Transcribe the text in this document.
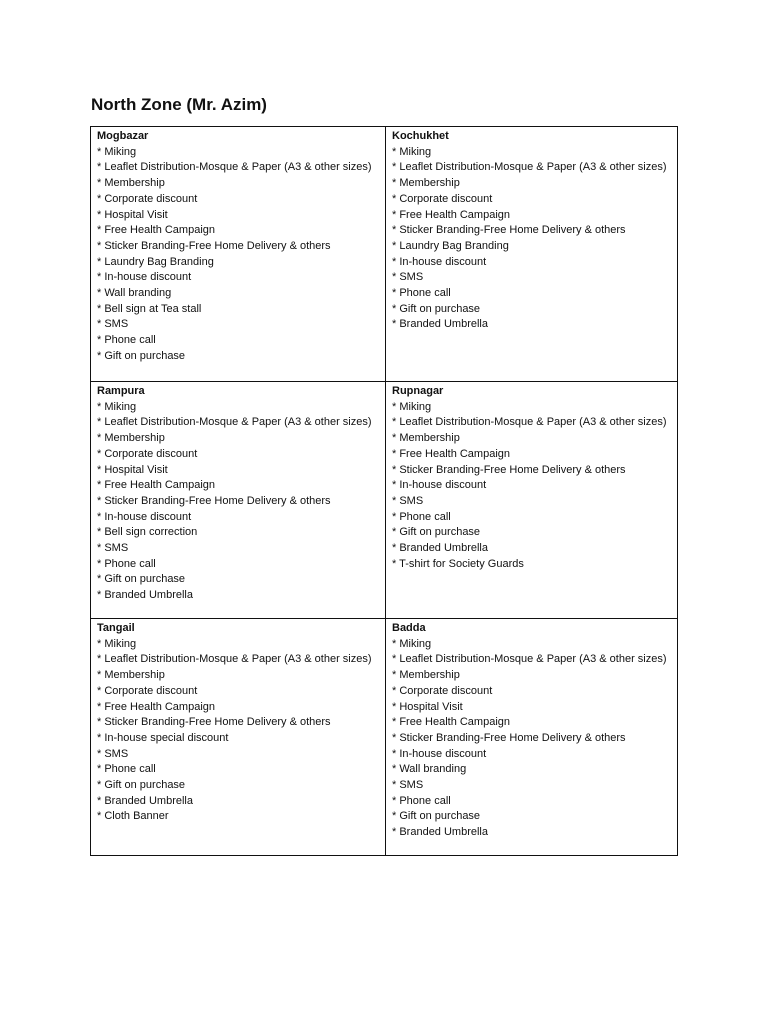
North Zone (Mr. Azim)
Mogbazar
* Miking
* Leaflet Distribution-Mosque & Paper (A3 & other sizes)
* Membership
* Corporate discount
* Hospital Visit
* Free Health Campaign
* Sticker Branding-Free Home Delivery & others
* Laundry Bag Branding
* In-house discount
* Wall branding
* Bell sign at Tea stall
* SMS
* Phone call
* Gift on purchase
Kochukhet
* Miking
* Leaflet Distribution-Mosque & Paper (A3 & other sizes)
* Membership
* Corporate discount
* Free Health Campaign
* Sticker Branding-Free Home Delivery & others
* Laundry Bag Branding
* In-house discount
* SMS
* Phone call
* Gift on purchase
* Branded Umbrella
Rampura
* Miking
* Leaflet Distribution-Mosque & Paper (A3 & other sizes)
* Membership
* Corporate discount
* Hospital Visit
* Free Health Campaign
* Sticker Branding-Free Home Delivery & others
* In-house discount
* Bell sign correction
* SMS
* Phone call
* Gift on purchase
* Branded Umbrella
Rupnagar
* Miking
* Leaflet Distribution-Mosque & Paper (A3 & other sizes)
* Membership
* Free Health Campaign
* Sticker Branding-Free Home Delivery & others
* In-house discount
* SMS
* Phone call
* Gift on purchase
* Branded Umbrella
* T-shirt for Society Guards
Tangail
* Miking
* Leaflet Distribution-Mosque & Paper (A3 & other sizes)
* Membership
* Corporate discount
* Free Health Campaign
* Sticker Branding-Free Home Delivery & others
* In-house special discount
* SMS
* Phone call
* Gift on purchase
* Branded Umbrella
* Cloth Banner
Badda
* Miking
* Leaflet Distribution-Mosque & Paper (A3 & other sizes)
* Membership
* Corporate discount
* Hospital Visit
* Free Health Campaign
* Sticker Branding-Free Home Delivery & others
* In-house discount
* Wall branding
* SMS
* Phone call
* Gift on purchase
* Branded Umbrella
